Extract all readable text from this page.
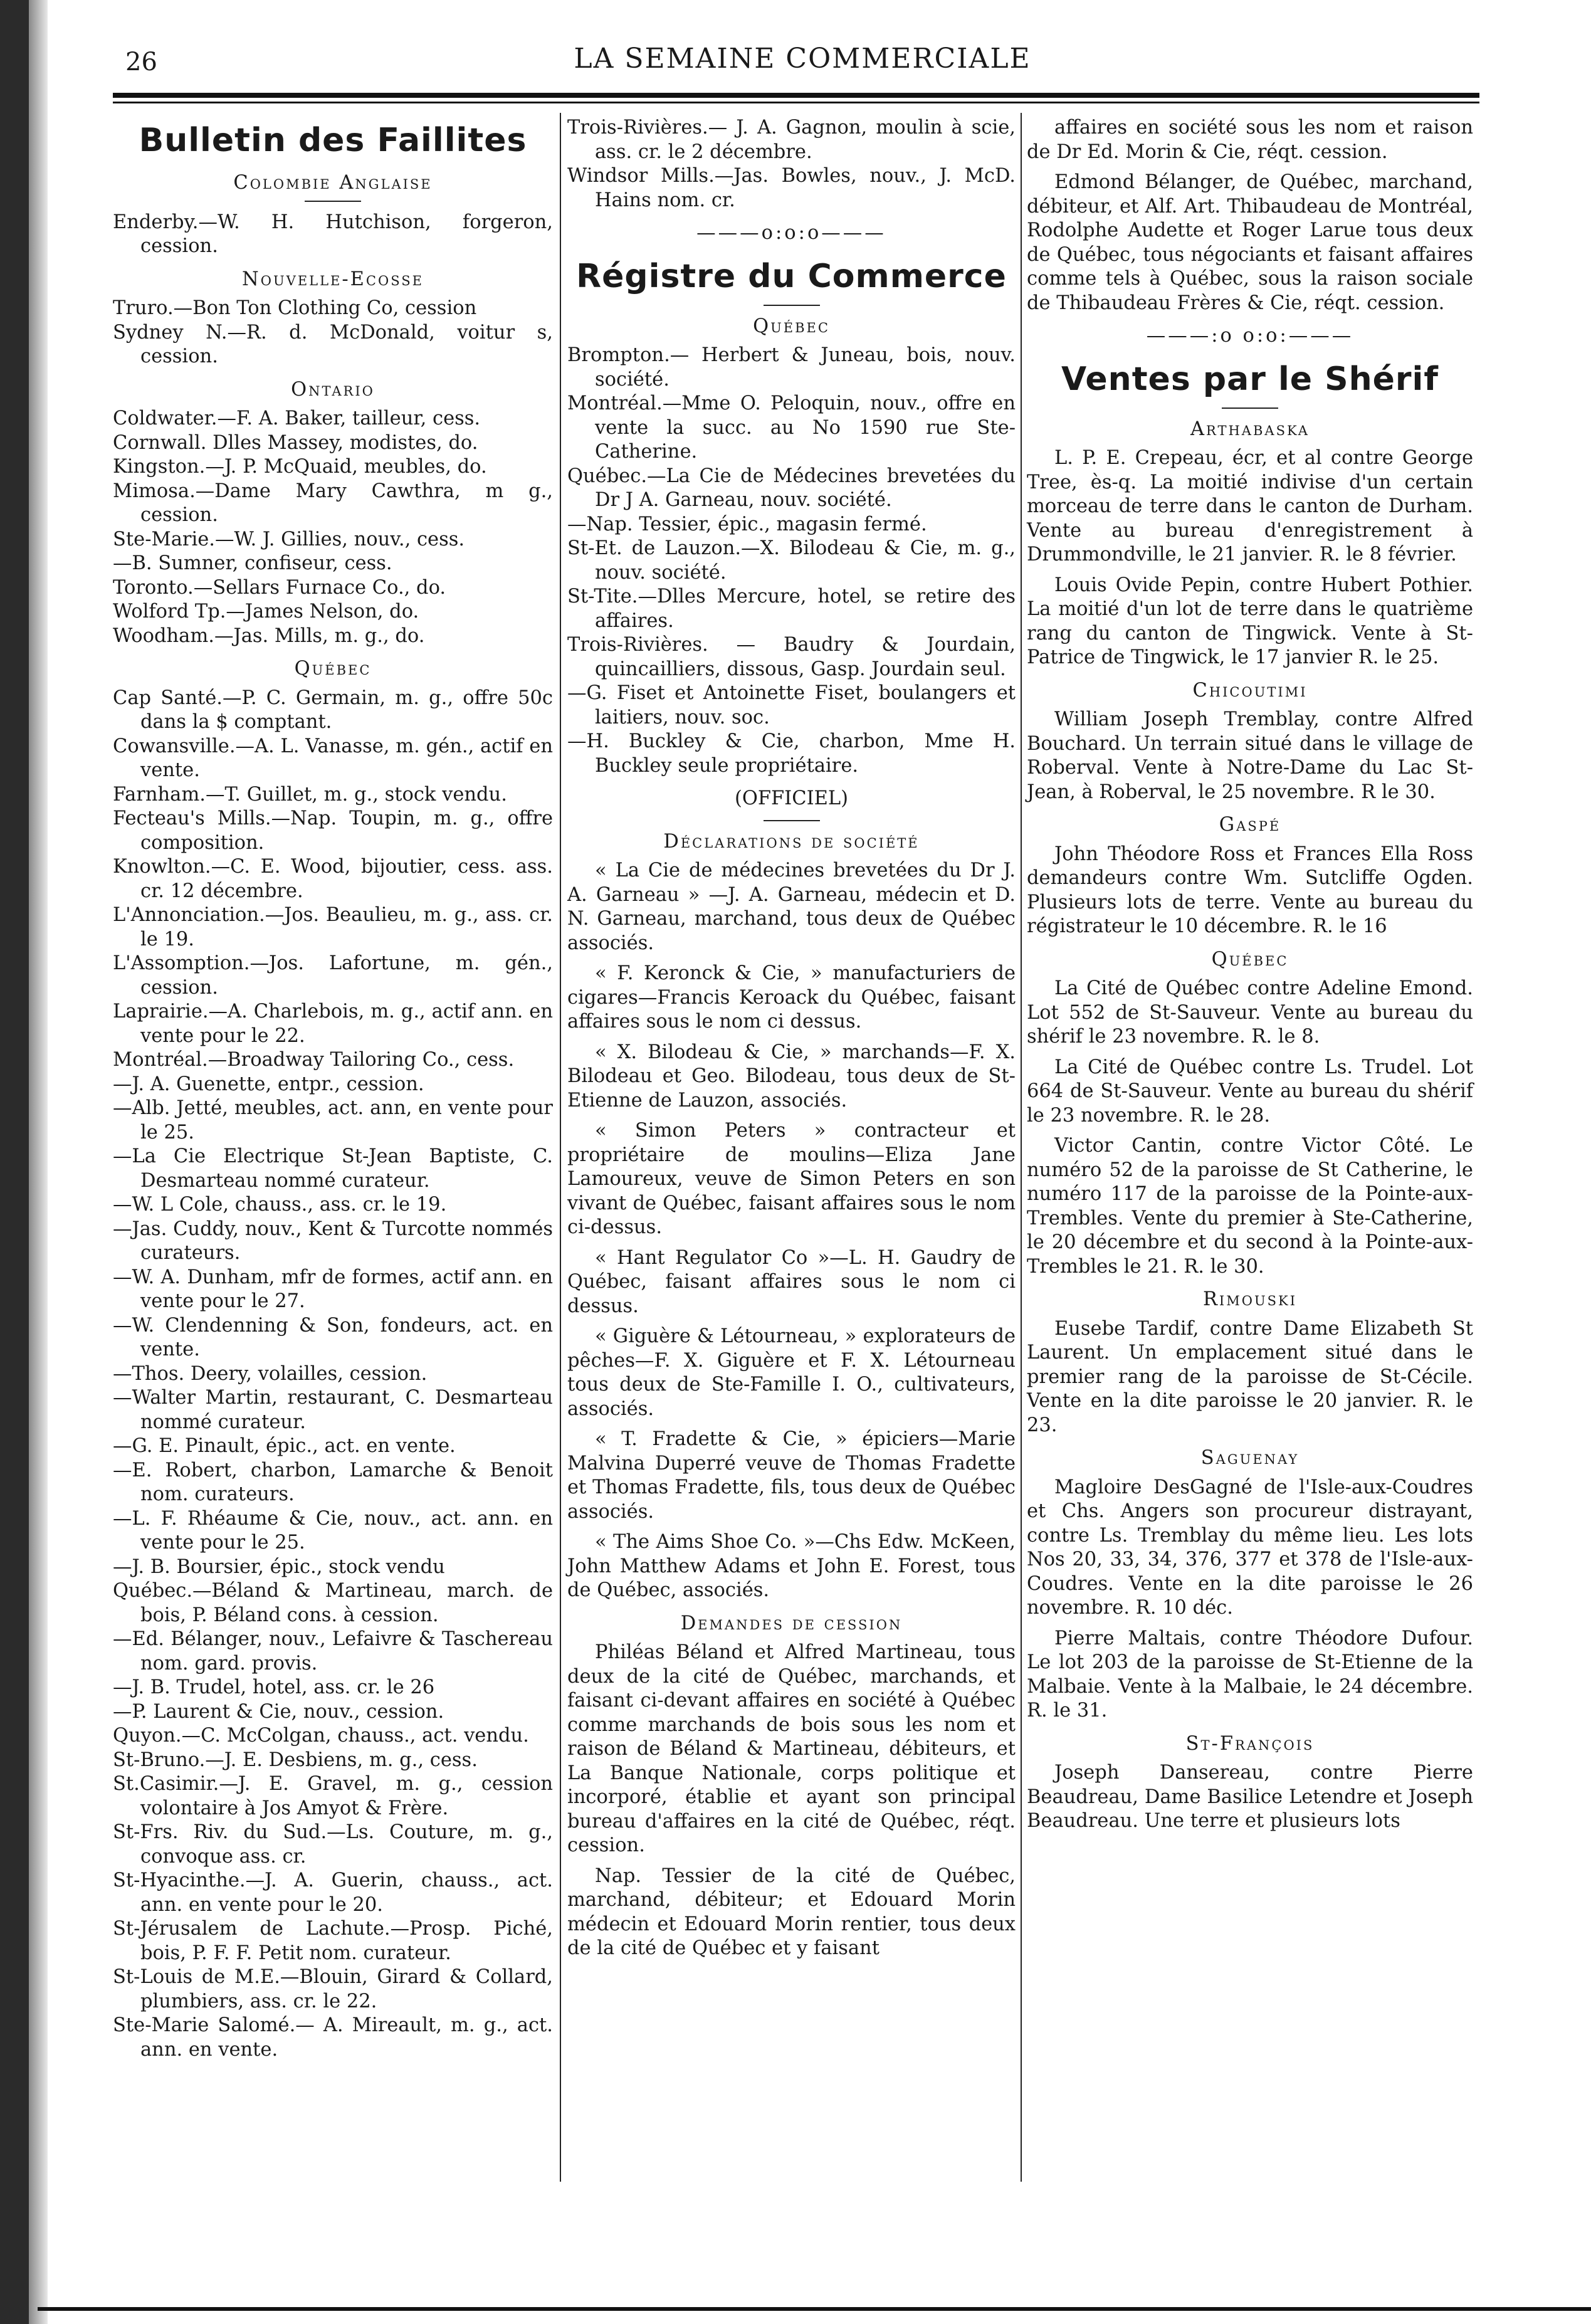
26	LA SEMAINE COMMERCIALE
Bulletin des Faillites
Colombie Anglaise
Enderby.—W. H. Hutchison, forgeron, cession.
Nouvelle-Ecosse
Truro.—Bon Ton Clothing Co, cession
Sydney N.—R. d. McDonald, voitur s, cession.
Ontario
Coldwater.—F. A. Baker, tailleur, cess.
Cornwall. Dlles Massey, modistes, do.
Kingston.—J. P. McQuaid, meubles, do.
Mimosa.—Dame Mary Cawthra, m g., cession.
Ste-Marie.—W. J. Gillies, nouv., cess.
—B. Sumner, confiseur, cess.
Toronto.—Sellars Furnace Co., do.
Wolford Tp.—James Nelson, do.
Woodham.—Jas. Mills, m. g., do.
Québec
Cap Santé.—P. C. Germain, m. g., offre 50c dans la $ comptant.
Cowansville.—A. L. Vanasse, m. gén., actif en vente.
Farnham.—T. Guillet, m. g., stock vendu.
Fecteau's Mills.—Nap. Toupin, m. g., offre composition.
Knowlton.—C. E. Wood, bijoutier, cess. ass. cr. 12 décembre.
L'Annonciation.—Jos. Beaulieu, m. g., ass. cr. le 19.
L'Assomption.—Jos. Lafortune, m. gén., cession.
Laprairie.—A. Charlebois, m. g., actif ann. en vente pour le 22.
Montréal.—Broadway Tailoring Co., cess.
—J. A. Guenette, entpr., cession.
—Alb. Jetté, meubles, act. ann, en vente pour le 25.
—La Cie Electrique St-Jean Baptiste, C. Desmarteau nommé curateur.
—W. L Cole, chauss., ass. cr. le 19.
—Jas. Cuddy, nouv., Kent & Turcotte nommés curateurs.
—W. A. Dunham, mfr de formes, actif ann. en vente pour le 27.
—W. Clendenning & Son, fondeurs, act. en vente.
—Thos. Deery, volailles, cession.
—Walter Martin, restaurant, C. Desmarteau nommé curateur.
—G. E. Pinault, épic., act. en vente.
—E. Robert, charbon, Lamarche & Benoit nom. curateurs.
—L. F. Rhéaume & Cie, nouv., act. ann. en vente pour le 25.
—J. B. Boursier, épic., stock vendu
Québec.—Béland & Martineau, march. de bois, P. Béland cons. à cession.
—Ed. Bélanger, nouv., Lefaivre & Taschereau nom. gard. provis.
—J. B. Trudel, hotel, ass. cr. le 26
—P. Laurent & Cie, nouv., cession.
Quyon.—C. McColgan, chauss., act. vendu.
St-Bruno.—J. E. Desbiens, m. g., cess.
St.Casimir.—J. E. Gravel, m. g., cession volontaire à Jos Amyot & Frère.
St-Frs. Riv. du Sud.—Ls. Couture, m. g., convoque ass. cr.
St-Hyacinthe.—J. A. Guerin, chauss., act. ann. en vente pour le 20.
St-Jérusalem de Lachute.—Prosp. Piché, bois, P. F. F. Petit nom. curateur.
St-Louis de M.E.—Blouin, Girard & Collard, plumbiers, ass. cr. le 22.
Ste-Marie Salomé.— A. Mireault, m. g., act. ann. en vente.
Trois-Rivières.— J. A. Gagnon, moulin à scie, ass. cr. le 2 décembre.
Windsor Mills.—Jas. Bowles, nouv., J. McD. Hains nom. cr.
———o:o:o———
Régistre du Commerce
Québec
Brompton.— Herbert & Juneau, bois, nouv. société.
Montréal.—Mme O. Peloquin, nouv., offre en vente la succ. au No 1590 rue Ste-Catherine.
Québec.—La Cie de Médecines brevetées du Dr J A. Garneau, nouv. société.
—Nap. Tessier, épic., magasin fermé.
St-Et. de Lauzon.—X. Bilodeau & Cie, m. g., nouv. société.
St-Tite.—Dlles Mercure, hotel, se retire des affaires.
Trois-Rivières. — Baudry & Jourdain, quincailliers, dissous, Gasp. Jourdain seul.
—G. Fiset et Antoinette Fiset, boulangers et laitiers, nouv. soc.
—H. Buckley & Cie, charbon, Mme H. Buckley seule propriétaire.
(OFFICIEL)
Déclarations de société
« La Cie de médecines brevetées du Dr J. A. Garneau » —J. A. Garneau, médecin et D. N. Garneau, marchand, tous deux de Québec associés.
« F. Keronck & Cie, » manufacturiers de cigares—Francis Keroack du Québec, faisant affaires sous le nom ci dessus.
« X. Bilodeau & Cie, » marchands—F. X. Bilodeau et Geo. Bilodeau, tous deux de St-Etienne de Lauzon, associés.
« Simon Peters » contracteur et propriétaire de moulins—Eliza Jane Lamoureux, veuve de Simon Peters en son vivant de Québec, faisant affaires sous le nom ci-dessus.
« Hant Regulator Co »—L. H. Gaudry de Québec, faisant affaires sous le nom ci dessus.
« Giguère & Létourneau, » explorateurs de pêches—F. X. Giguère et F. X. Létourneau tous deux de Ste-Famille I. O., cultivateurs, associés.
« T. Fradette & Cie, » épiciers—Marie Malvina Duperré veuve de Thomas Fradette et Thomas Fradette, fils, tous deux de Québec associés.
« The Aims Shoe Co. »—Chs Edw. McKeen, John Matthew Adams et John E. Forest, tous de Québec, associés.
Demandes de cession
Philéas Béland et Alfred Martineau, tous deux de la cité de Québec, marchands, et faisant ci-devant affaires en société à Québec comme marchands de bois sous les nom et raison de Béland & Martineau, débiteurs, et La Banque Nationale, corps politique et incorporé, établie et ayant son principal bureau d'affaires en la cité de Québec, réqt. cession.
Nap. Tessier de la cité de Québec, marchand, débiteur; et Edouard Morin médecin et Edouard Morin rentier, tous deux de la cité de Québec et y faisant
affaires en société sous les nom et raison de Dr Ed. Morin & Cie, réqt. cession.
Edmond Bélanger, de Québec, marchand, débiteur, et Alf. Art. Thibaudeau de Montréal, Rodolphe Audette et Roger Larue tous deux de Québec, tous négociants et faisant affaires comme tels à Québec, sous la raison sociale de Thibaudeau Frères & Cie, réqt. cession.
———:o o:o:———
Ventes par le Shérif
Arthabaska
L. P. E. Crepeau, écr, et al contre George Tree, ès-q. La moitié indivise d'un certain morceau de terre dans le canton de Durham. Vente au bureau d'enregistrement à Drummondville, le 21 janvier. R. le 8 février.
Louis Ovide Pepin, contre Hubert Pothier. La moitié d'un lot de terre dans le quatrième rang du canton de Tingwick. Vente à St-Patrice de Tingwick, le 17 janvier R. le 25.
Chicoutimi
William Joseph Tremblay, contre Alfred Bouchard. Un terrain situé dans le village de Roberval. Vente à Notre-Dame du Lac St-Jean, à Roberval, le 25 novembre. R le 30.
Gaspé
John Théodore Ross et Frances Ella Ross demandeurs contre Wm. Sutcliffe Ogden. Plusieurs lots de terre. Vente au bureau du régistrateur le 10 décembre. R. le 16
Québec
La Cité de Québec contre Adeline Emond. Lot 552 de St-Sauveur. Vente au bureau du shérif le 23 novembre. R. le 8.
La Cité de Québec contre Ls. Trudel. Lot 664 de St-Sauveur. Vente au bureau du shérif le 23 novembre. R. le 28.
Victor Cantin, contre Victor Côté. Le numéro 52 de la paroisse de St Catherine, le numéro 117 de la paroisse de la Pointe-aux-Trembles. Vente du premier à Ste-Catherine, le 20 décembre et du second à la Pointe-aux-Trembles le 21. R. le 30.
Rimouski
Eusebe Tardif, contre Dame Elizabeth St Laurent. Un emplacement situé dans le premier rang de la paroisse de St-Cécile. Vente en la dite paroisse le 20 janvier. R. le 23.
Saguenay
Magloire DesGagné de l'Isle-aux-Coudres et Chs. Angers son procureur distrayant, contre Ls. Tremblay du même lieu. Les lots Nos 20, 33, 34, 376, 377 et 378 de l'Isle-aux-Coudres. Vente en la dite paroisse le 26 novembre. R. 10 déc.
Pierre Maltais, contre Théodore Dufour. Le lot 203 de la paroisse de St-Etienne de la Malbaie. Vente à la Malbaie, le 24 décembre. R. le 31.
St-François
Joseph Dansereau, contre Pierre Beaudreau, Dame Basilice Letendre et Joseph Beaudreau. Une terre et plusieurs lots
